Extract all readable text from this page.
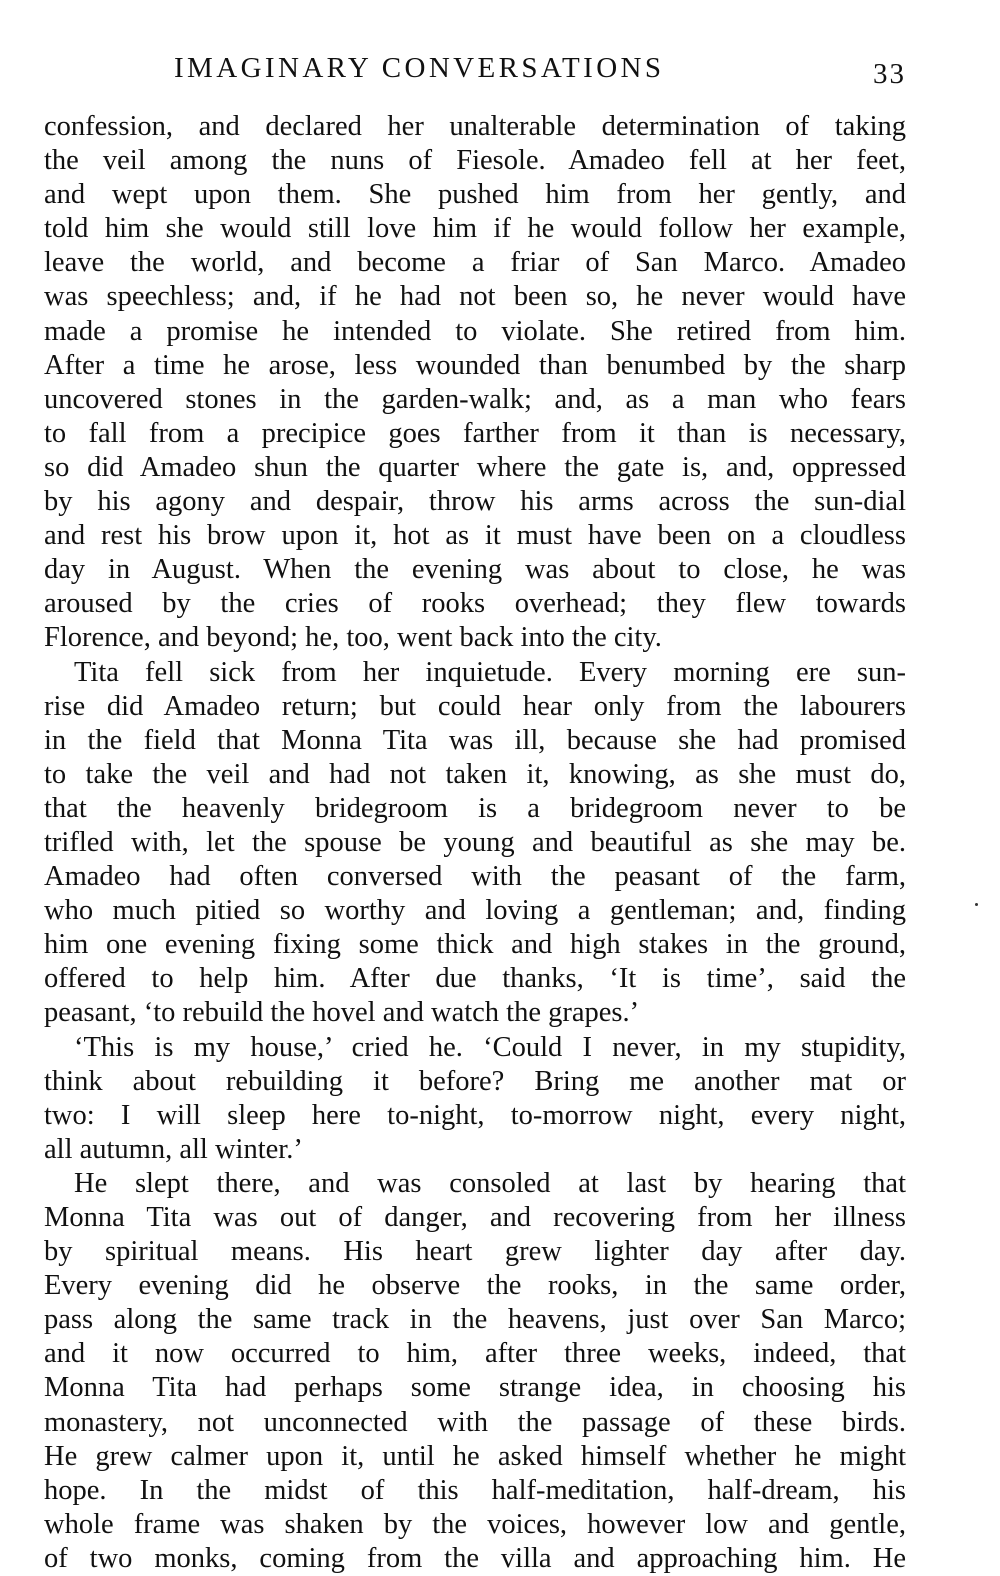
IMAGINARY CONVERSATIONS	33
confession, and declared her unalterable determination of taking
the veil among the nuns of Fiesole. Amadeo fell at her feet,
and wept upon them. She pushed him from her gently, and
told him she would still love him if he would follow her example,
leave the world, and become a friar of San Marco. Amadeo
was speechless; and, if he had not been so, he never would have
made a promise he intended to violate. She retired from him.
After a time he arose, less wounded than benumbed by the sharp
uncovered stones in the garden-walk; and, as a man who fears
to fall from a precipice goes farther from it than is necessary,
so did Amadeo shun the quarter where the gate is, and, oppressed
by his agony and despair, throw his arms across the sun-dial
and rest his brow upon it, hot as it must have been on a cloudless
day in August. When the evening was about to close, he was
aroused by the cries of rooks overhead; they flew towards
Florence, and beyond; he, too, went back into the city.
Tita fell sick from her inquietude. Every morning ere sun-
rise did Amadeo return; but could hear only from the labourers
in the field that Monna Tita was ill, because she had promised
to take the veil and had not taken it, knowing, as she must do,
that the heavenly bridegroom is a bridegroom never to be
trifled with, let the spouse be young and beautiful as she may be.
Amadeo had often conversed with the peasant of the farm,
who much pitied so worthy and loving a gentleman; and, finding
him one evening fixing some thick and high stakes in the ground,
offered to help him. After due thanks, ‘It is time’, said the
peasant, ‘to rebuild the hovel and watch the grapes.’
‘This is my house,’ cried he. ‘Could I never, in my stupidity,
think about rebuilding it before? Bring me another mat or
two: I will sleep here to-night, to-morrow night, every night,
all autumn, all winter.’
He slept there, and was consoled at last by hearing that
Monna Tita was out of danger, and recovering from her illness
by spiritual means. His heart grew lighter day after day.
Every evening did he observe the rooks, in the same order,
pass along the same track in the heavens, just over San Marco;
and it now occurred to him, after three weeks, indeed, that
Monna Tita had perhaps some strange idea, in choosing his
monastery, not unconnected with the passage of these birds.
He grew calmer upon it, until he asked himself whether he might
hope. In the midst of this half-meditation, half-dream, his
whole frame was shaken by the voices, however low and gentle,
of two monks, coming from the villa and approaching him. He
